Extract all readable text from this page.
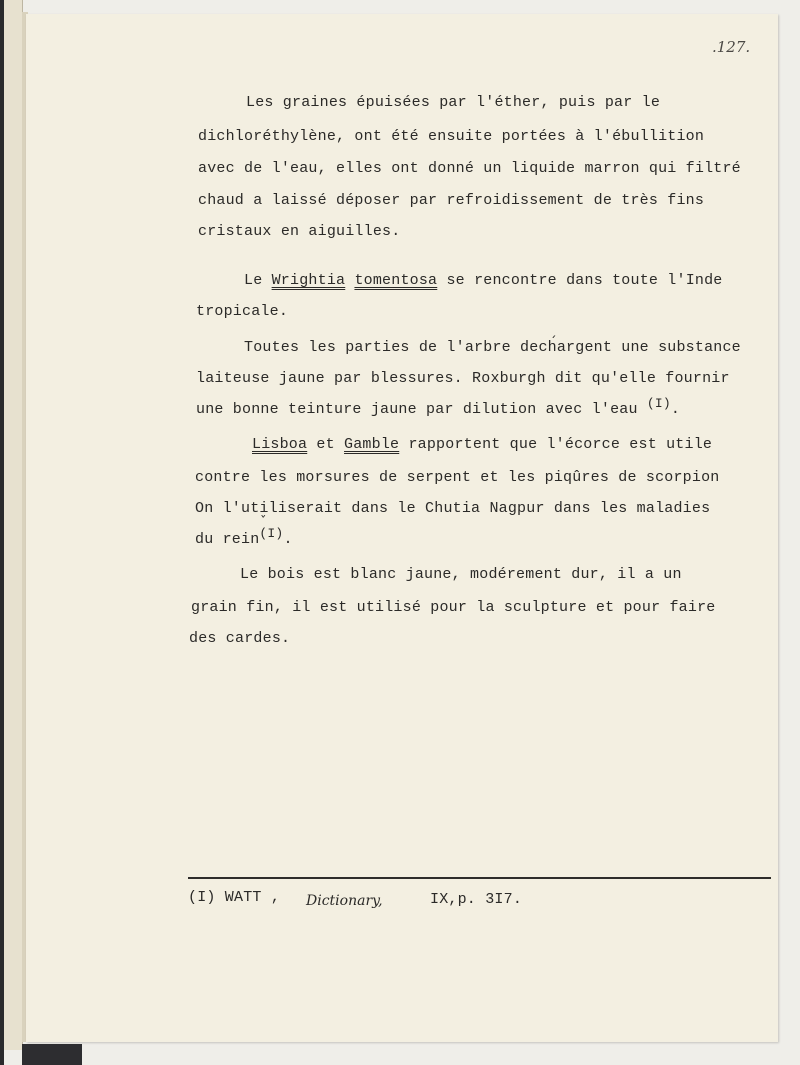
.127.
Les graines épuisées par l'éther, puis par le
dichloréthylène, ont été ensuite portées à l'ébullition
avec de l'eau, elles ont donné un liquide marron qui filtré
chaud a laissé déposer par refroidissement de très fins
cristaux en aiguilles.
Le Wrightia tomentosa se rencontre dans toute l'Inde
tropicale.
ˏ
Toutes les parties de l'arbre dechargent une substance
laiteuse jaune par blessures. Roxburgh dit qu'elle fournir
une bonne teinture jaune par dilution avec l'eau (I).
Lisboa et Gamble rapportent que l'écorce est utile
contre les morsures de serpent et les piqûres de scorpion
On l'utiliserait dans le Chutia Nagpur dans les maladies
ˇ
du rein(I).
Le bois est blanc jaune, modérement dur, il a un
grain fin, il est utilisé pour la sculpture et pour faire
des cardes.
(I) WATT , Dictionary,	IX,p. 3I7.
